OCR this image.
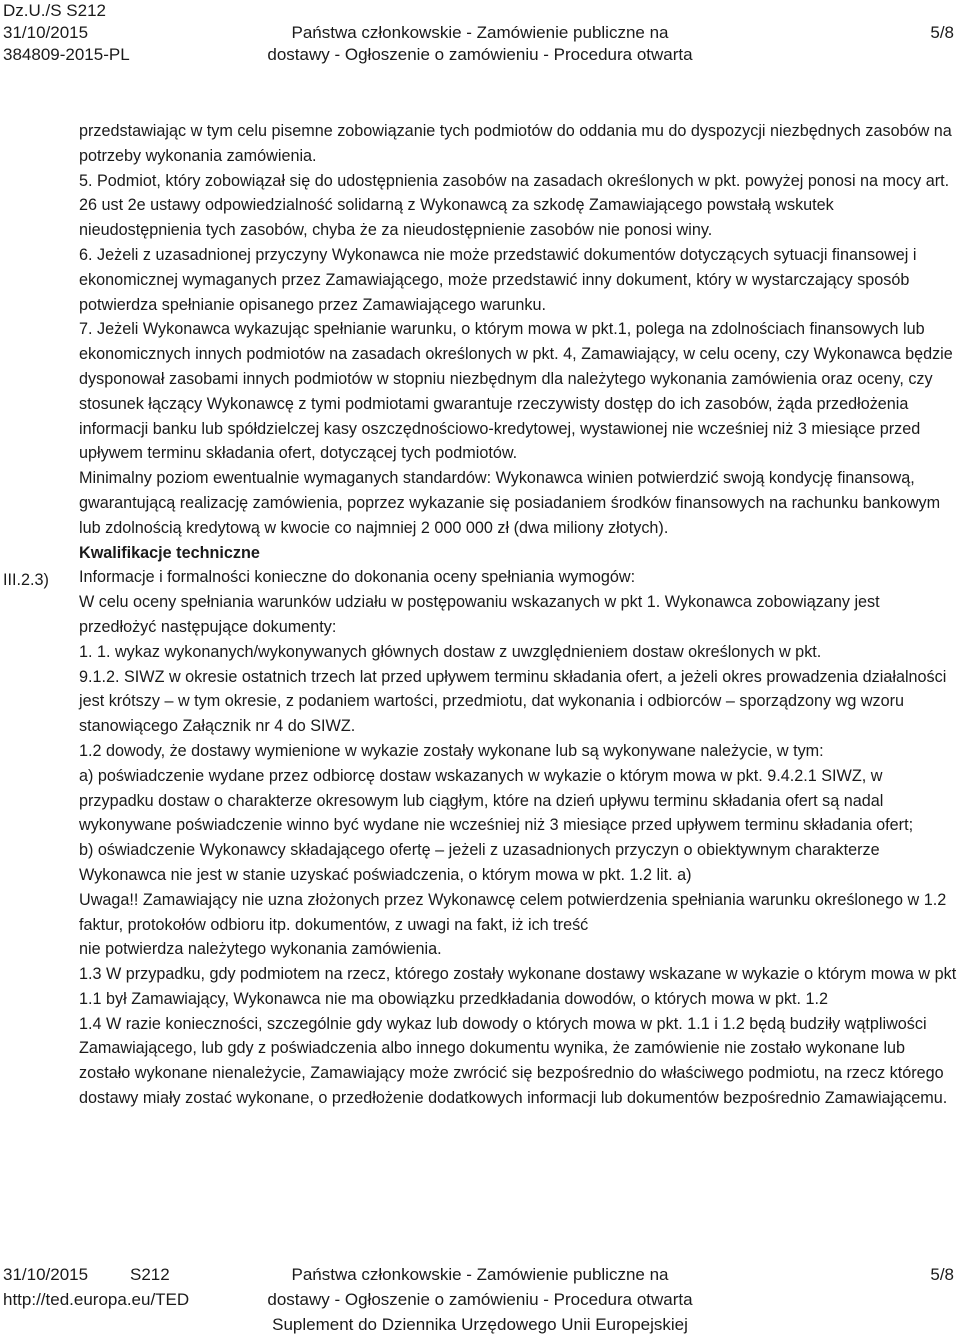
Dz.U./S S212
31/10/2015
384809-2015-PL
Państwa członkowskie - Zamówienie publiczne na
dostawy - Ogłoszenie o zamówieniu - Procedura otwarta
5/8
III.2.3)
przedstawiając w tym celu pisemne zobowiązanie tych podmiotów do oddania mu do dyspozycji niezbędnych zasobów na potrzeby wykonania zamówienia.
5. Podmiot, który zobowiązał się do udostępnienia zasobów na zasadach określonych w pkt. powyżej ponosi na mocy art. 26 ust 2e ustawy odpowiedzialność solidarną z Wykonawcą za szkodę Zamawiającego powstałą wskutek nieudostępnienia tych zasobów, chyba że za nieudostępnienie zasobów nie ponosi winy.
6. Jeżeli z uzasadnionej przyczyny Wykonawca nie może przedstawić dokumentów dotyczących sytuacji finansowej i ekonomicznej wymaganych przez Zamawiającego, może przedstawić inny dokument, który w wystarczający sposób potwierdza spełnianie opisanego przez Zamawiającego warunku.
7. Jeżeli Wykonawca wykazując spełnianie warunku, o którym mowa w pkt.1, polega na zdolnościach finansowych lub ekonomicznych innych podmiotów na zasadach określonych w pkt. 4, Zamawiający, w celu oceny, czy Wykonawca będzie dysponował zasobami innych podmiotów w stopniu niezbędnym dla należytego wykonania zamówienia oraz oceny, czy stosunek łączący Wykonawcę z tymi podmiotami gwarantuje rzeczywisty dostęp do ich zasobów, żąda przedłożenia informacji banku lub spółdzielczej kasy oszczędnościowo-kredytowej, wystawionej nie wcześniej niż 3 miesiące przed upływem terminu składania ofert, dotyczącej tych podmiotów.
Minimalny poziom ewentualnie wymaganych standardów: Wykonawca winien potwierdzić swoją kondycję finansową, gwarantującą realizację zamówienia, poprzez wykazanie się posiadaniem środków finansowych na rachunku bankowym lub zdolnością kredytową w kwocie co najmniej 2 000 000 zł (dwa miliony złotych).
Kwalifikacje techniczne
Informacje i formalności konieczne do dokonania oceny spełniania wymogów:
W celu oceny spełniania warunków udziału w postępowaniu wskazanych w pkt 1. Wykonawca zobowiązany jest przedłożyć następujące dokumenty:
1. 1. wykaz wykonanych/wykonywanych głównych dostaw z uwzględnieniem dostaw określonych w pkt.
9.1.2. SIWZ w okresie ostatnich trzech lat przed upływem terminu składania ofert, a jeżeli okres prowadzenia działalności jest krótszy – w tym okresie, z podaniem wartości, przedmiotu, dat wykonania i odbiorców – sporządzony wg wzoru stanowiącego Załącznik nr 4 do SIWZ.
1.2 dowody, że dostawy wymienione w wykazie zostały wykonane lub są wykonywane należycie, w tym:
a) poświadczenie wydane przez odbiorcę dostaw wskazanych w wykazie o którym mowa w pkt. 9.4.2.1 SIWZ, w przypadku dostaw o charakterze okresowym lub ciągłym, które na dzień upływu terminu składania ofert są nadal wykonywane poświadczenie winno być wydane nie wcześniej niż 3 miesiące przed upływem terminu składania ofert;
b) oświadczenie Wykonawcy składającego ofertę – jeżeli z uzasadnionych przyczyn o obiektywnym charakterze Wykonawca nie jest w stanie uzyskać poświadczenia, o którym mowa w pkt. 1.2 lit. a)
Uwaga!! Zamawiający nie uzna złożonych przez Wykonawcę celem potwierdzenia spełniania warunku określonego w 1.2 faktur, protokołów odbioru itp. dokumentów, z uwagi na fakt, iż ich treść
nie potwierdza należytego wykonania zamówienia.
1.3 W przypadku, gdy podmiotem na rzecz, którego zostały wykonane dostawy wskazane w wykazie o którym mowa w pkt 1.1 był Zamawiający, Wykonawca nie ma obowiązku przedkładania dowodów, o których mowa w pkt. 1.2
1.4 W razie konieczności, szczególnie gdy wykaz lub dowody o których mowa w pkt. 1.1 i 1.2 będą budziły wątpliwości Zamawiającego, lub gdy z poświadczenia albo innego dokumentu wynika, że zamówienie nie zostało wykonane lub zostało wykonane nienależycie, Zamawiający może zwrócić się bezpośrednio do właściwego podmiotu, na rzecz którego dostawy miały zostać wykonane, o przedłożenie dodatkowych informacji lub dokumentów bezpośrednio Zamawiającemu.
31/10/2015 S212
http://ted.europa.eu/TED
Państwa członkowskie - Zamówienie publiczne na
dostawy - Ogłoszenie o zamówieniu - Procedura otwarta
Suplement do Dziennika Urzędowego Unii Europejskiej
5/8
